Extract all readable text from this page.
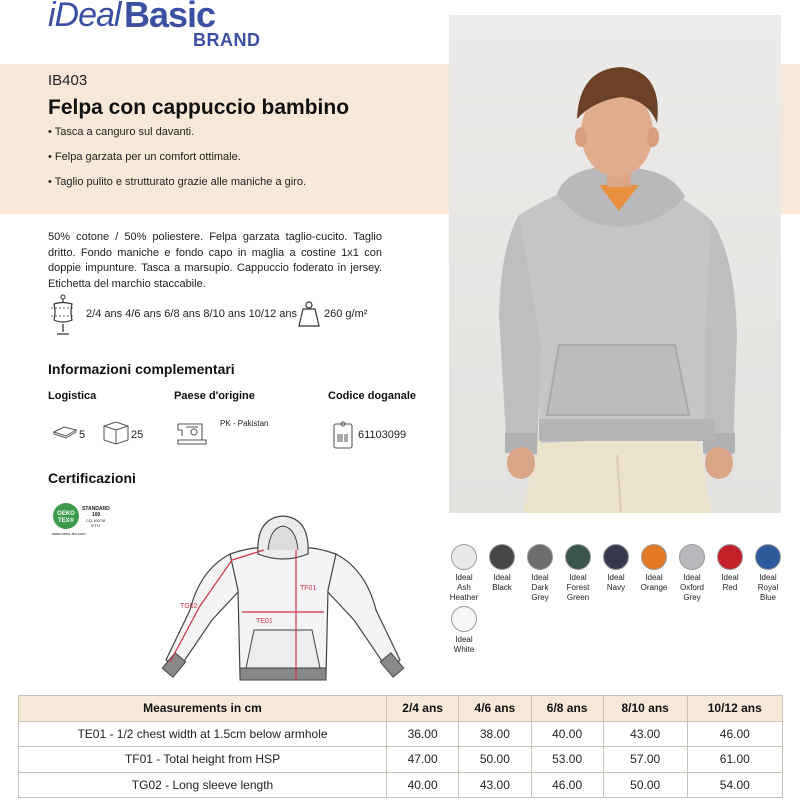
iDeal Basic
BRAND
IB403
Felpa con cappuccio bambino
• Tasca a canguro sul davanti.
• Felpa garzata per un comfort ottimale.
• Taglio pulito e strutturato grazie alle maniche a giro.
50% cotone / 50% poliestere. Felpa garzata taglio-cucito. Taglio dritto. Fondo maniche e fondo capo in maglia a costine 1x1 con doppie impunture. Tasca a marsupio. Cappuccio foderato in jersey. Etichetta del marchio staccabile.
2/4 ans 4/6 ans 6/8 ans 8/10 ans 10/12 ans 260 g/m²
Informazioni complementari
Logistica	Paese d'origine	Codice doganale
5	25
PK - Pakistan
61103099
Certificazioni
OEKO
TEX®
STANDARD
100
CQ 1007/8
IFTH
www.oeko-tex.com
TE01
TF01
TG02
Ideal
Ash
Heather
Ideal
Black
Ideal
Dark
Grey
Ideal
Forest
Green
Ideal
Navy
Ideal
Orange
Ideal
Oxford
Grey
Ideal
Red
Ideal
Royal
Blue
Ideal
White
Measurements in cm	2/4 ans	4/6 ans	6/8 ans	8/10 ans	10/12 ans
TE01 - 1/2 chest width at 1.5cm below armhole	36.00	38.00	40.00	43.00	46.00
TF01 - Total height from HSP	47.00	50.00	53.00	57.00	61.00
TG02 - Long sleeve length	40.00	43.00	46.00	50.00	54.00
